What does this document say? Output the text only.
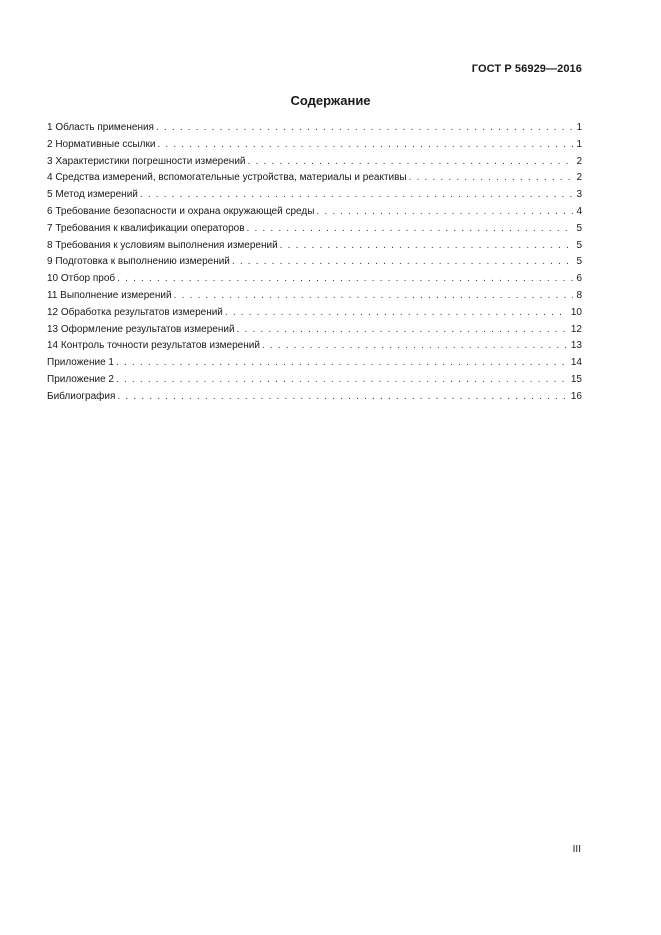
ГОСТ Р 56929—2016
Содержание
1 Область применения . . .	1
2 Нормативные ссылки . . .	1
3 Характеристики погрешности измерений . . .	2
4 Средства измерений, вспомогательные устройства, материалы и реактивы . . .	2
5 Метод измерений . . .	3
6 Требование безопасности и охрана окружающей среды . . .	4
7 Требования к квалификации операторов . . .	5
8 Требования к условиям выполнения измерений . . .	5
9 Подготовка к выполнению измерений . . .	5
10 Отбор проб . . .	6
11 Выполнение измерений . . .	8
12 Обработка результатов измерений . . .	10
13 Оформление результатов измерений . . .	12
14 Контроль точности результатов измерений . . .	13
Приложение 1 . . .	14
Приложение 2 . . .	15
Библиография . . .	16
III
